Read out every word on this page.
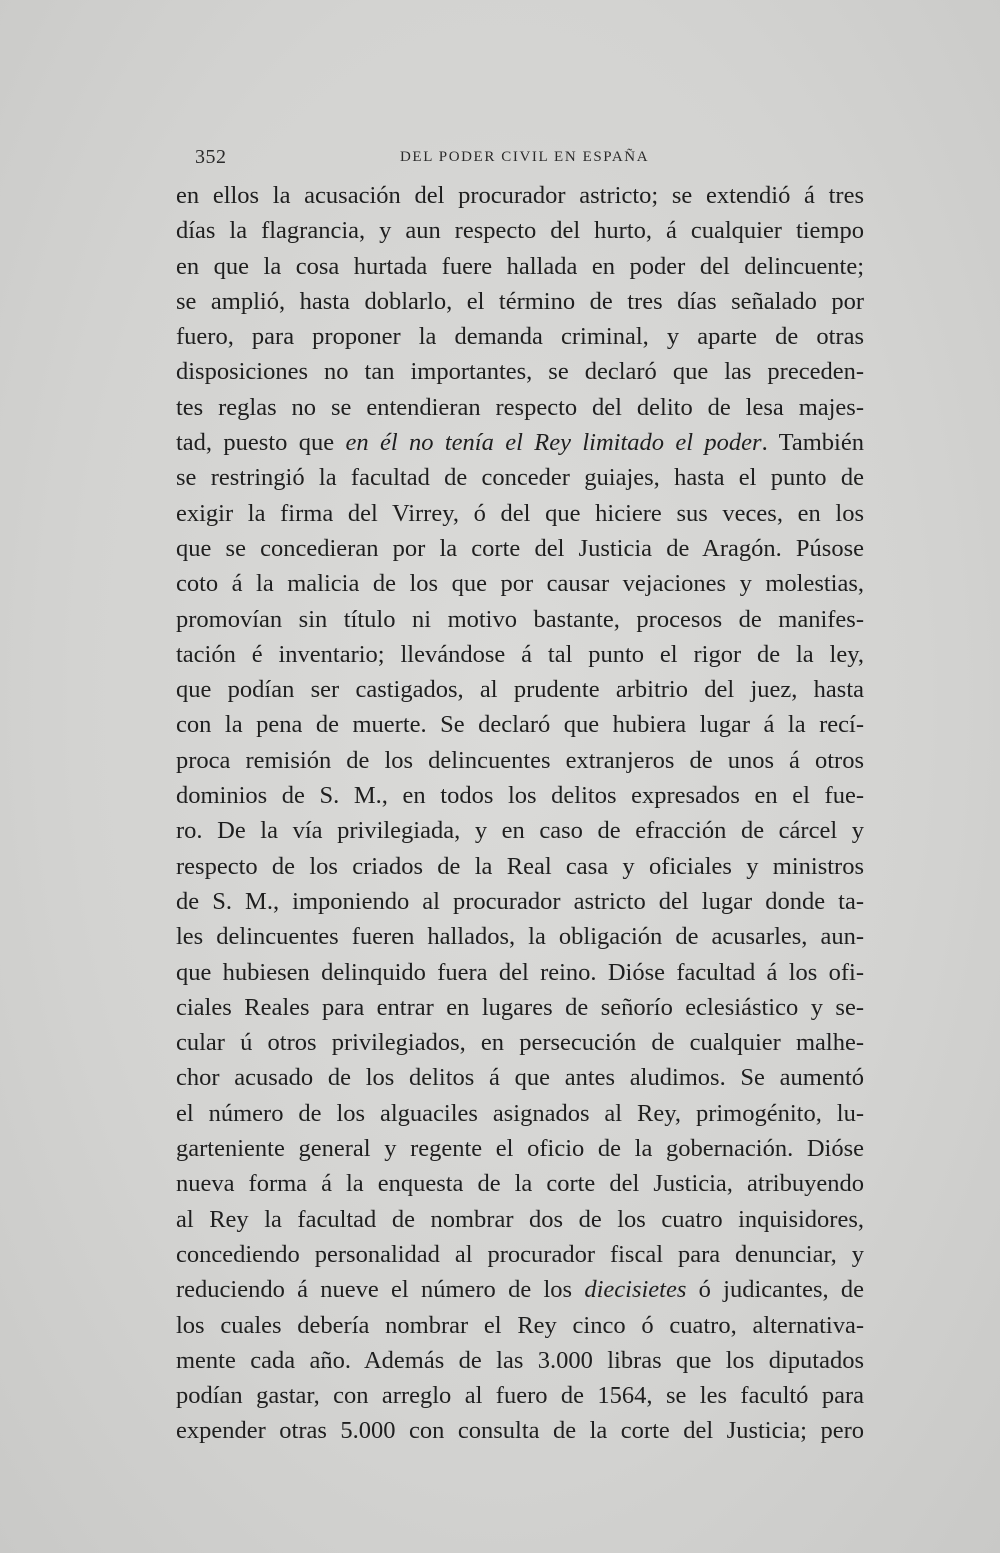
352	DEL PODER CIVIL EN ESPAÑA
en ellos la acusación del procurador astricto; se extendió á tres
días la flagrancia, y aun respecto del hurto, á cualquier tiempo
en que la cosa hurtada fuere hallada en poder del delincuente;
se amplió, hasta doblarlo, el término de tres días señalado por
fuero, para proponer la demanda criminal, y aparte de otras
disposiciones no tan importantes, se declaró que las preceden-
tes reglas no se entendieran respecto del delito de lesa majes-
tad, puesto que en él no tenía el Rey limitado el poder. También
se restringió la facultad de conceder guiajes, hasta el punto de
exigir la firma del Virrey, ó del que hiciere sus veces, en los
que se concedieran por la corte del Justicia de Aragón. Púsose
coto á la malicia de los que por causar vejaciones y molestias,
promovían sin título ni motivo bastante, procesos de manifes-
tación é inventario; llevándose á tal punto el rigor de la ley,
que podían ser castigados, al prudente arbitrio del juez, hasta
con la pena de muerte. Se declaró que hubiera lugar á la recí-
proca remisión de los delincuentes extranjeros de unos á otros
dominios de S. M., en todos los delitos expresados en el fue-
ro. De la vía privilegiada, y en caso de efracción de cárcel y
respecto de los criados de la Real casa y oficiales y ministros
de S. M., imponiendo al procurador astricto del lugar donde ta-
les delincuentes fueren hallados, la obligación de acusarles, aun-
que hubiesen delinquido fuera del reino. Dióse facultad á los ofi-
ciales Reales para entrar en lugares de señorío eclesiástico y se-
cular ú otros privilegiados, en persecución de cualquier malhe-
chor acusado de los delitos á que antes aludimos. Se aumentó
el número de los alguaciles asignados al Rey, primogénito, lu-
garteniente general y regente el oficio de la gobernación. Dióse
nueva forma á la enquesta de la corte del Justicia, atribuyendo
al Rey la facultad de nombrar dos de los cuatro inquisidores,
concediendo personalidad al procurador fiscal para denunciar, y
reduciendo á nueve el número de los diecisietes ó judicantes, de
los cuales debería nombrar el Rey cinco ó cuatro, alternativa-
mente cada año. Además de las 3.000 libras que los diputados
podían gastar, con arreglo al fuero de 1564, se les facultó para
expender otras 5.000 con consulta de la corte del Justicia; pero
